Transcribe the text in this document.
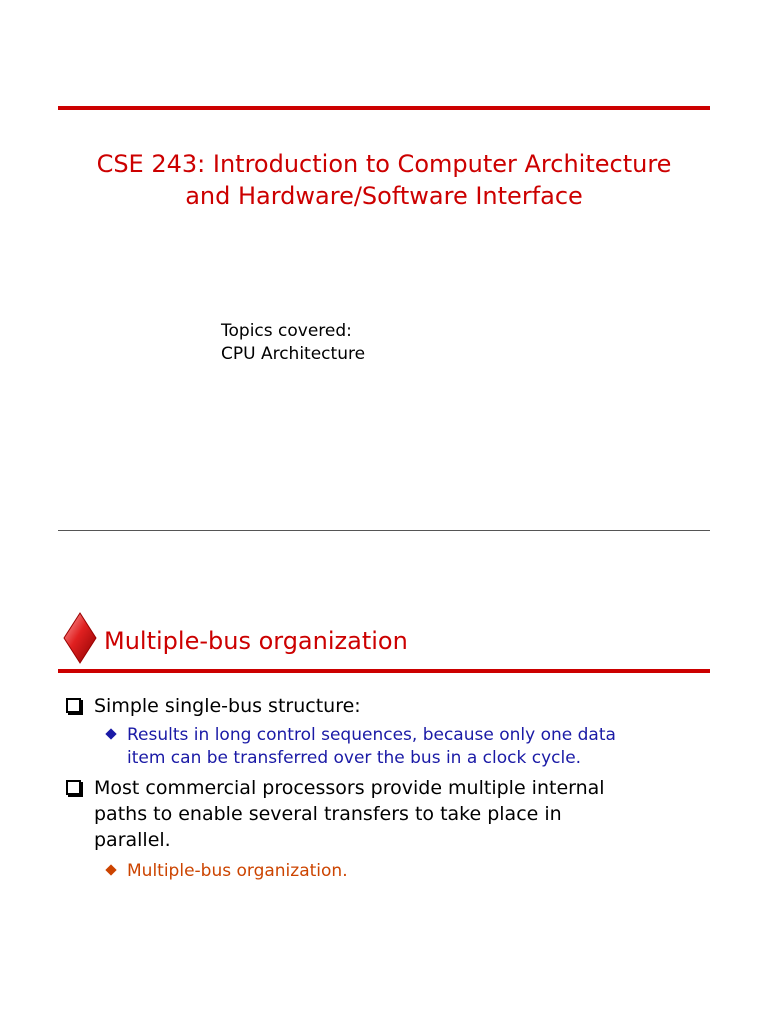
CSE 243: Introduction to Computer Architecture
and Hardware/Software Interface
Topics covered:
CPU Architecture
Multiple-bus organization
Simple single-bus structure:
Results in long control sequences, because only one data
item can be transferred over the bus in a clock cycle.
Most commercial processors provide multiple internal
paths to enable several transfers to take place in
parallel.
Multiple-bus organization.
